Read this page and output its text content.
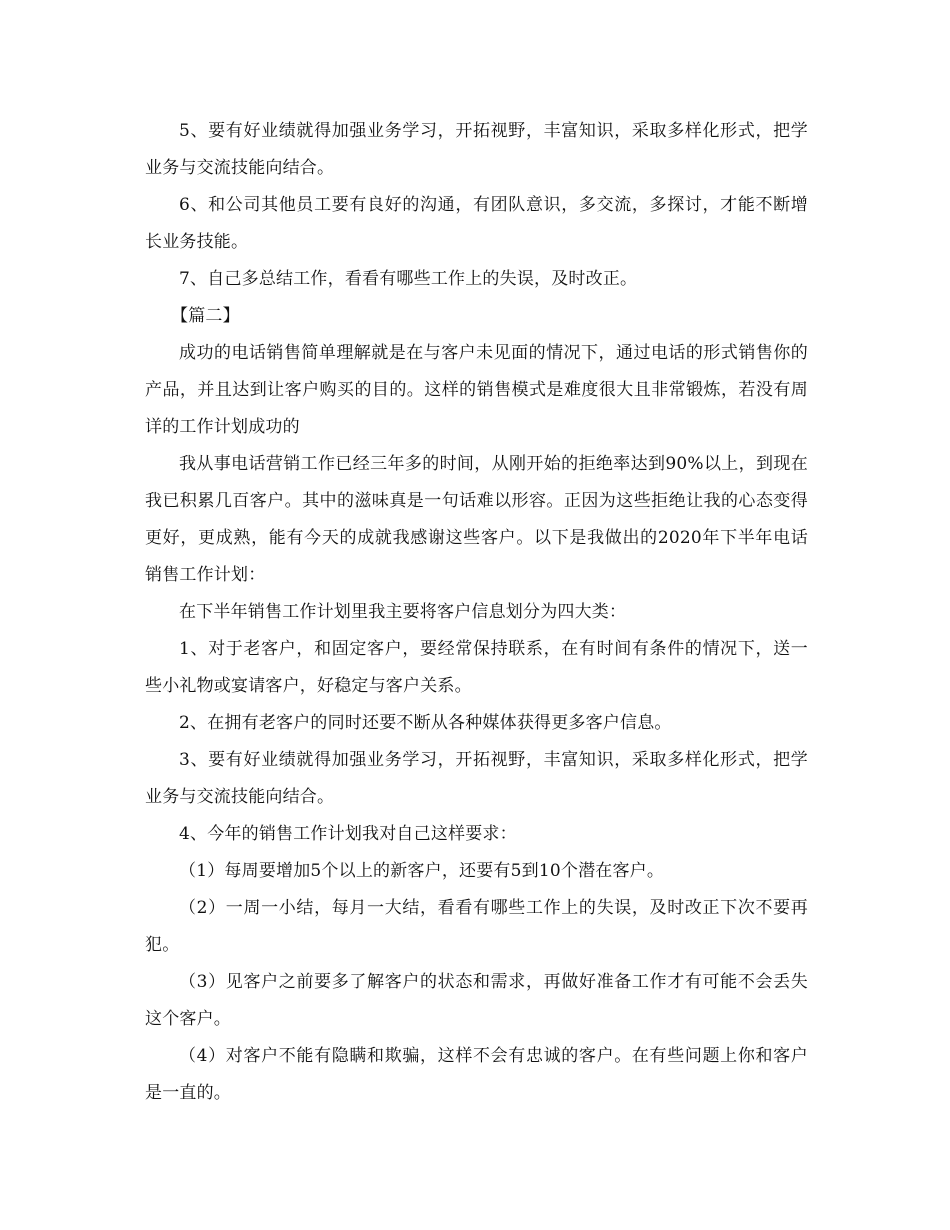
5、要有好业绩就得加强业务学习，开拓视野，丰富知识，采取多样化形式，把学业务与交流技能向结合。

6、和公司其他员工要有良好的沟通，有团队意识，多交流，多探讨，才能不断增长业务技能。

7、自己多总结工作，看看有哪些工作上的失误，及时改正。

【篇二】

成功的电话销售简单理解就是在与客户未见面的情况下，通过电话的形式销售你的产品，并且达到让客户购买的目的。这样的销售模式是难度很大且非常锻炼，若没有周详的工作计划成功的

我从事电话营销工作已经三年多的时间，从刚开始的拒绝率达到90%以上，到现在我已积累几百客户。其中的滋味真是一句话难以形容。正因为这些拒绝让我的心态变得更好，更成熟，能有今天的成就我感谢这些客户。以下是我做出的2020年下半年电话销售工作计划：

在下半年销售工作计划里我主要将客户信息划分为四大类：

1、对于老客户，和固定客户，要经常保持联系，在有时间有条件的情况下，送一些小礼物或宴请客户，好稳定与客户关系。

2、在拥有老客户的同时还要不断从各种媒体获得更多客户信息。

3、要有好业绩就得加强业务学习，开拓视野，丰富知识，采取多样化形式，把学业务与交流技能向结合。

4、今年的销售工作计划我对自己这样要求：

（1）每周要增加5个以上的新客户，还要有5到10个潜在客户。

（2）一周一小结，每月一大结，看看有哪些工作上的失误，及时改正下次不要再犯。

（3）见客户之前要多了解客户的状态和需求，再做好准备工作才有可能不会丢失这个客户。

（4）对客户不能有隐瞒和欺骗，这样不会有忠诚的客户。在有些问题上你和客户是一直的。
